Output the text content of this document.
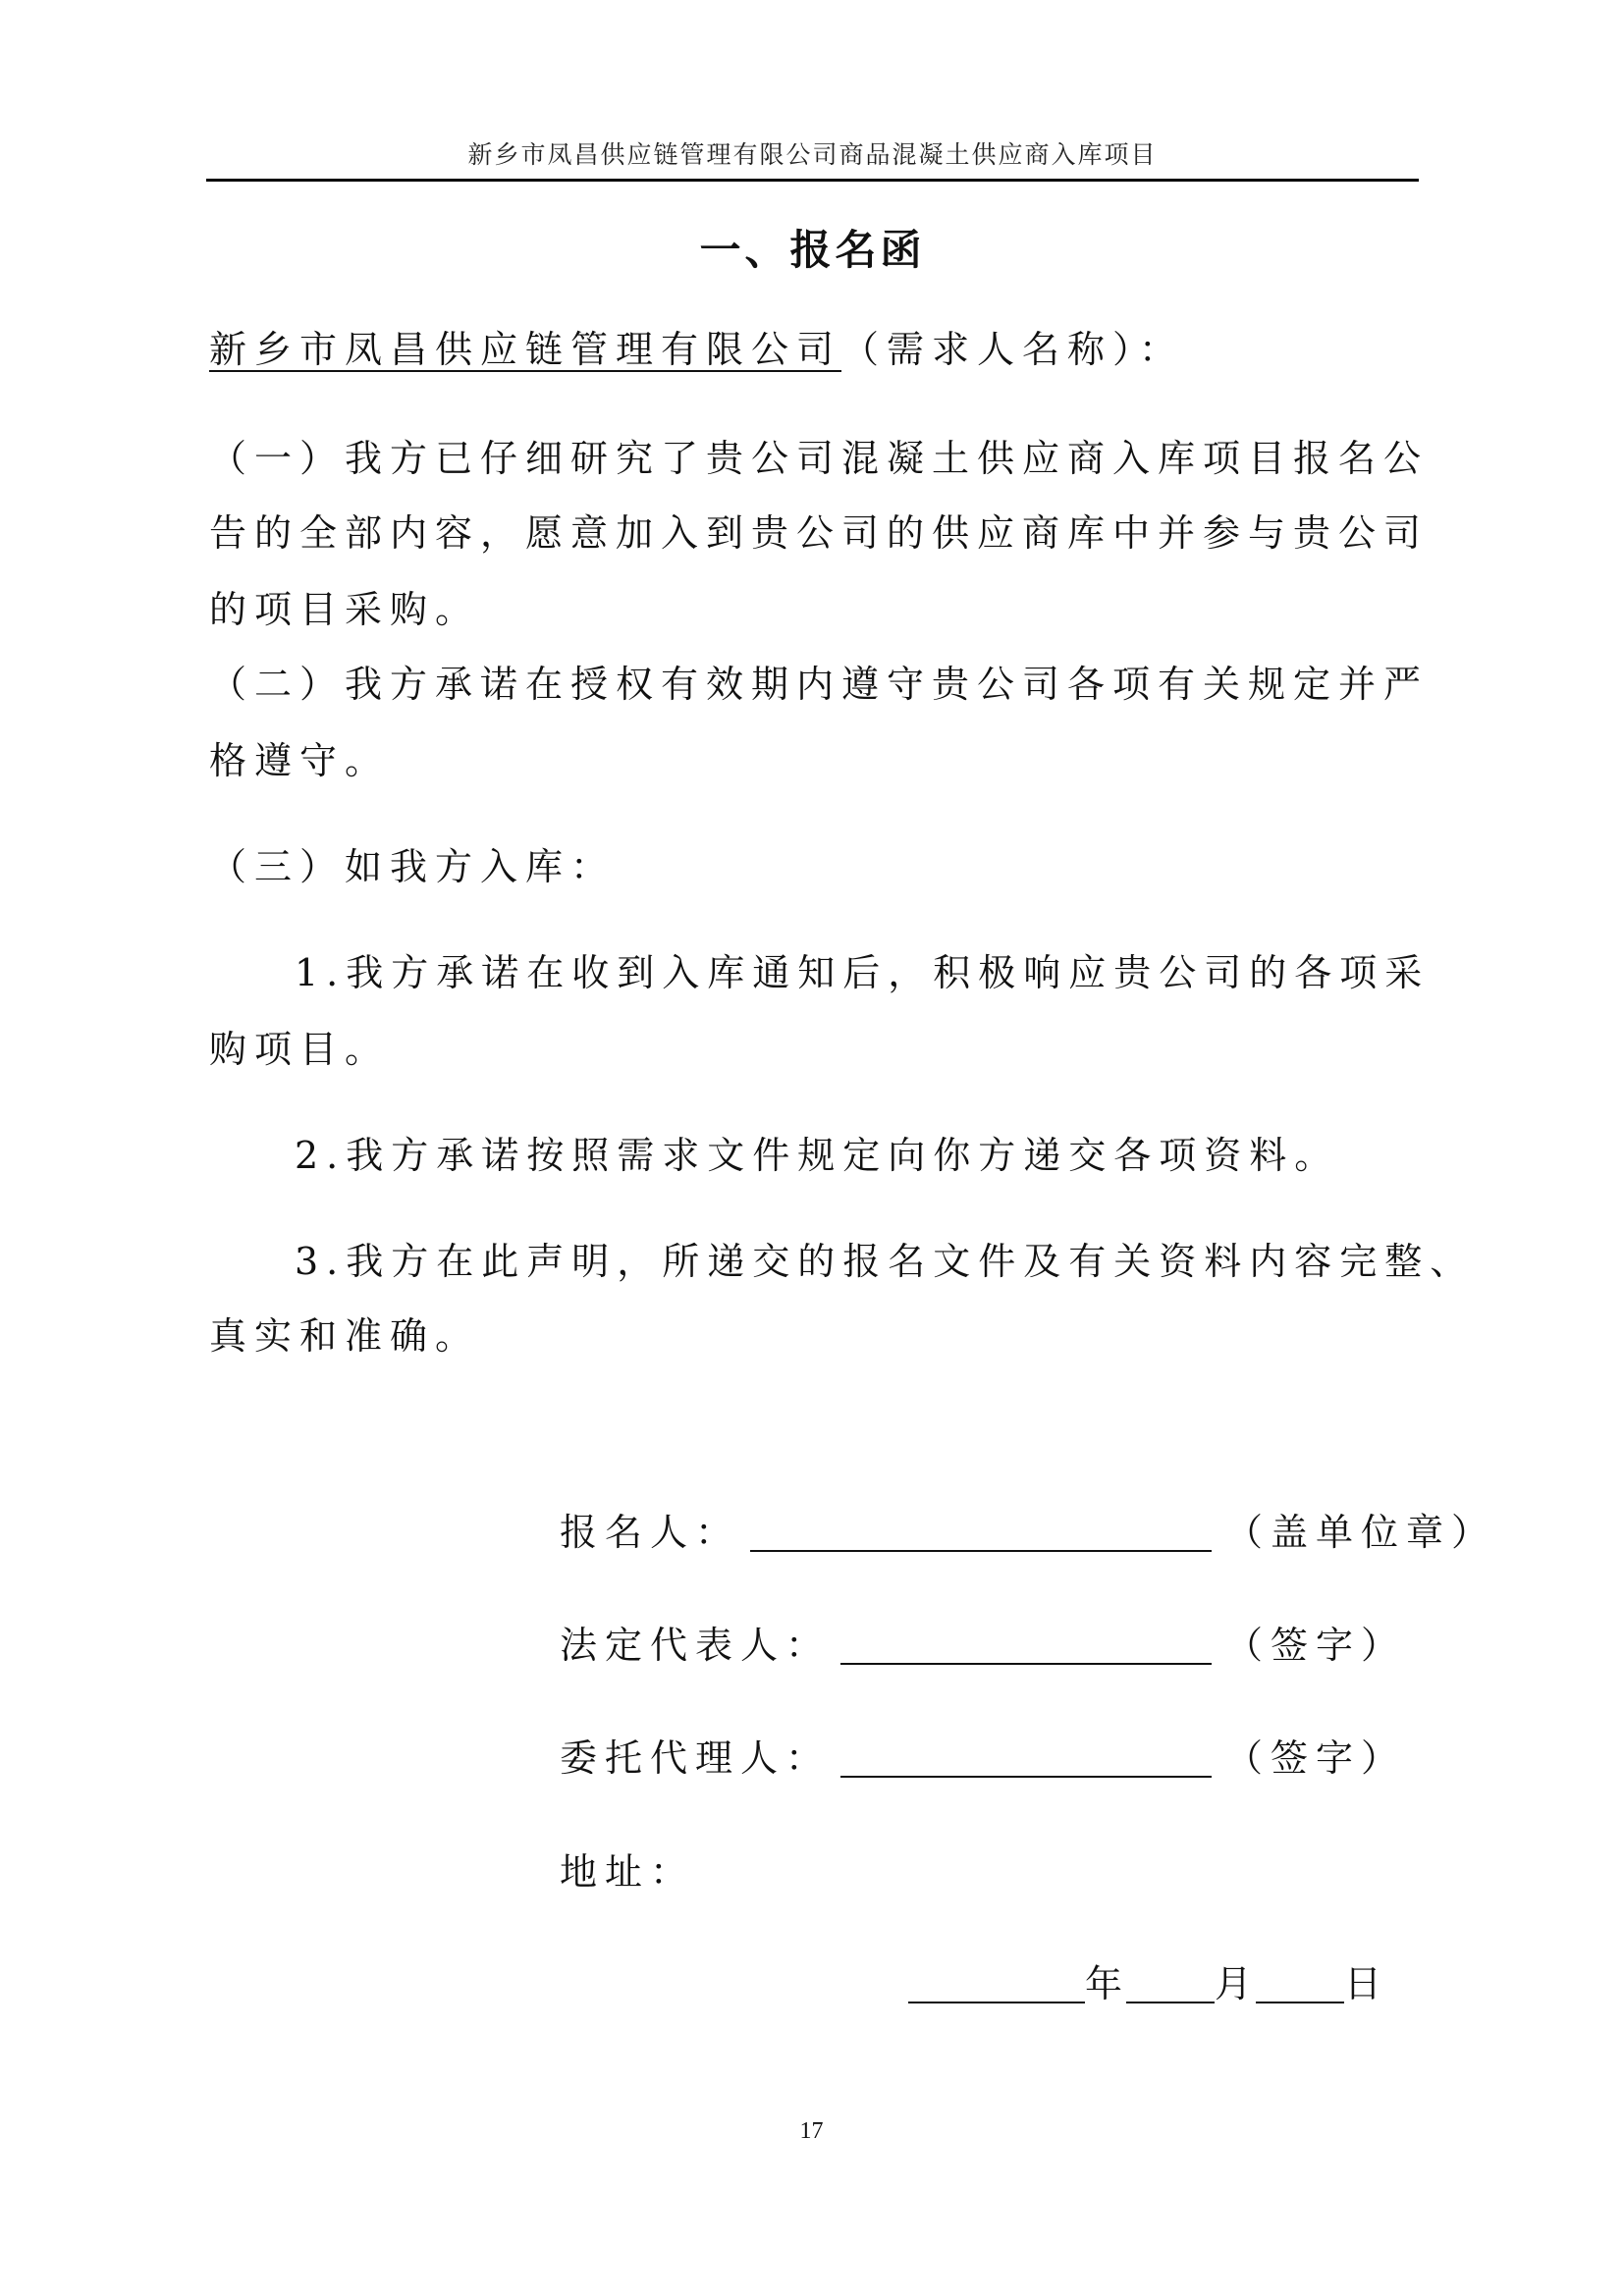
新乡市凤昌供应链管理有限公司商品混凝土供应商入库项目
一、报名函
新乡市凤昌供应链管理有限公司（需求人名称）：
（一）我方已仔细研究了贵公司混凝土供应商入库项目报名公
告的全部内容，愿意加入到贵公司的供应商库中并参与贵公司
的项目采购。
（二）我方承诺在授权有效期内遵守贵公司各项有关规定并严
格遵守。
（三）如我方入库：
1.我方承诺在收到入库通知后，积极响应贵公司的各项采
购项目。
2.我方承诺按照需求文件规定向你方递交各项资料。
3.我方在此声明，所递交的报名文件及有关资料内容完整、
真实和准确。
报名人：	（盖单位章）
法定代表人：	（签字）
委托代理人：	（签字）
地址：
年 月 日
17
